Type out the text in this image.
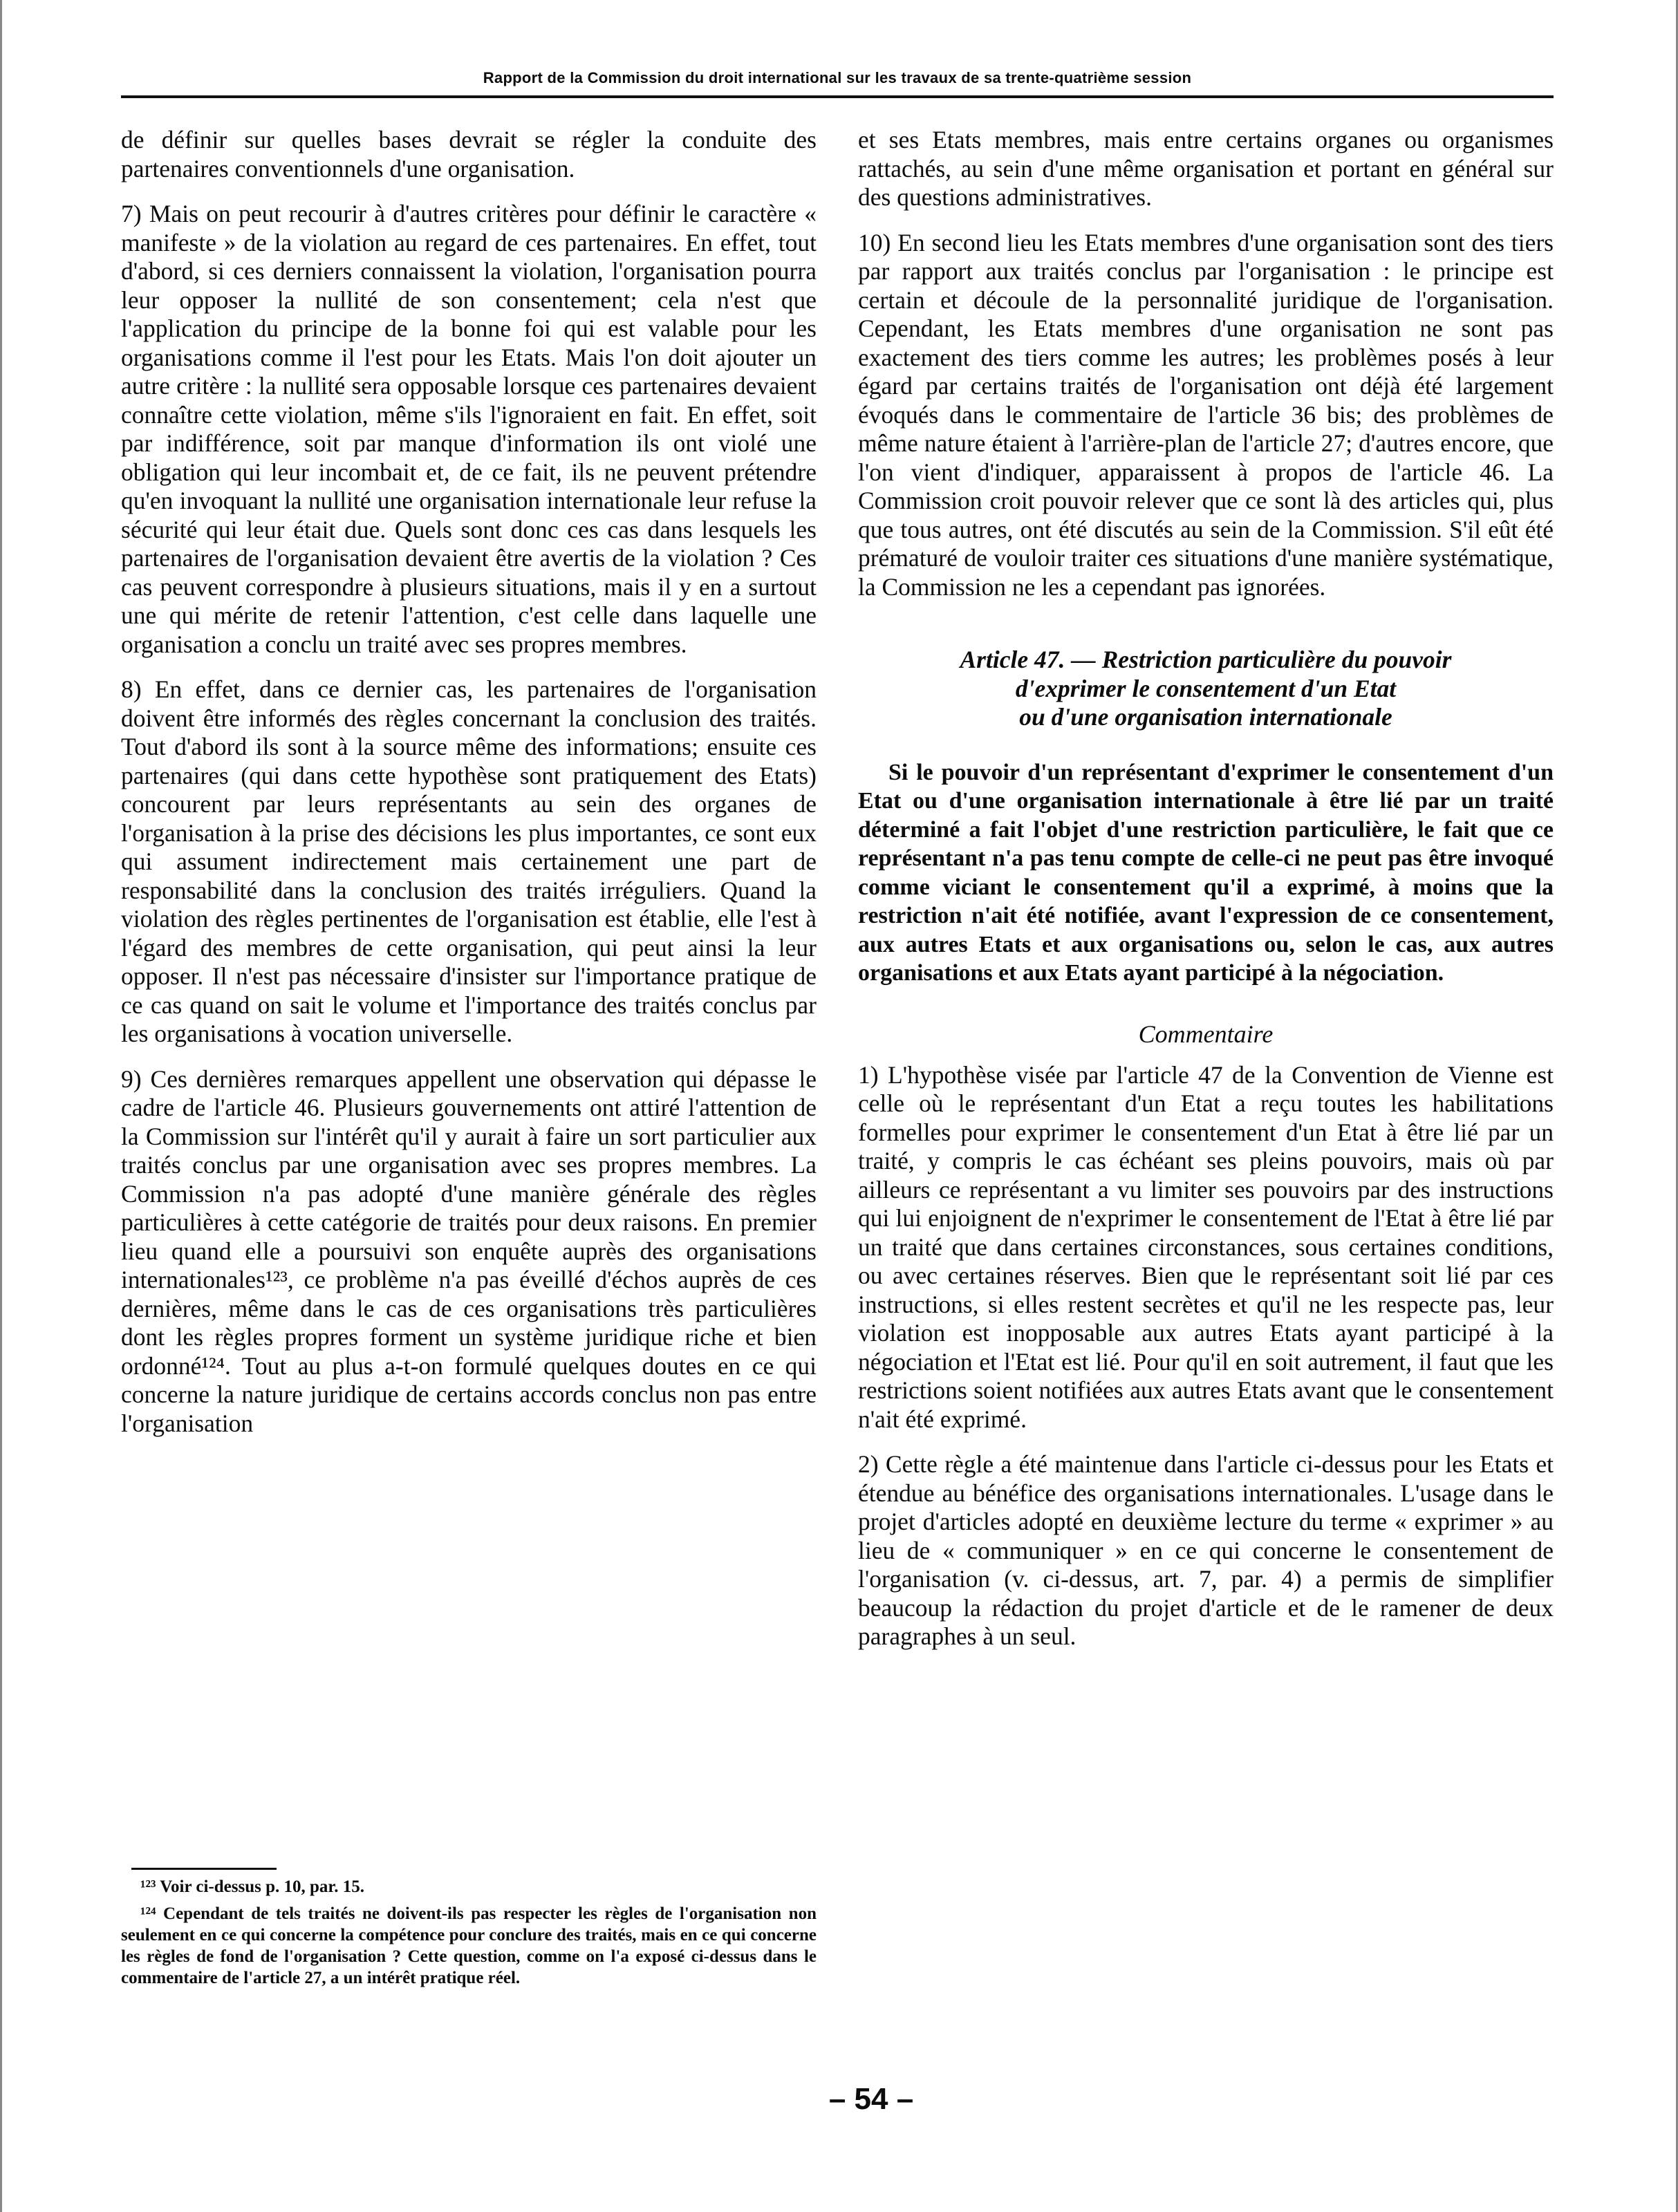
Rapport de la Commission du droit international sur les travaux de sa trente-quatrième session

de définir sur quelles bases devrait se régler la conduite des partenaires conventionnels d'une organisation.

7) Mais on peut recourir à d'autres critères pour définir le caractère « manifeste » de la violation au regard de ces partenaires. En effet, tout d'abord, si ces derniers connaissent la violation, l'organisation pourra leur opposer la nullité de son consentement; cela n'est que l'application du principe de la bonne foi qui est valable pour les organisations comme il l'est pour les Etats. Mais l'on doit ajouter un autre critère : la nullité sera opposable lorsque ces partenaires devaient connaître cette violation, même s'ils l'ignoraient en fait. En effet, soit par indifférence, soit par manque d'information ils ont violé une obligation qui leur incombait et, de ce fait, ils ne peuvent prétendre qu'en invoquant la nullité une organisation internationale leur refuse la sécurité qui leur était due. Quels sont donc ces cas dans lesquels les partenaires de l'organisation devaient être avertis de la violation ? Ces cas peuvent correspondre à plusieurs situations, mais il y en a surtout une qui mérite de retenir l'attention, c'est celle dans laquelle une organisation a conclu un traité avec ses propres membres.

8) En effet, dans ce dernier cas, les partenaires de l'organisation doivent être informés des règles concernant la conclusion des traités. Tout d'abord ils sont à la source même des informations; ensuite ces partenaires (qui dans cette hypothèse sont pratiquement des Etats) concourent par leurs représentants au sein des organes de l'organisation à la prise des décisions les plus importantes, ce sont eux qui assument indirectement mais certainement une part de responsabilité dans la conclusion des traités irréguliers. Quand la violation des règles pertinentes de l'organisation est établie, elle l'est à l'égard des membres de cette organisation, qui peut ainsi la leur opposer. Il n'est pas nécessaire d'insister sur l'importance pratique de ce cas quand on sait le volume et l'importance des traités conclus par les organisations à vocation universelle.

9) Ces dernières remarques appellent une observation qui dépasse le cadre de l'article 46. Plusieurs gouvernements ont attiré l'attention de la Commission sur l'intérêt qu'il y aurait à faire un sort particulier aux traités conclus par une organisation avec ses propres membres. La Commission n'a pas adopté d'une manière générale des règles particulières à cette catégorie de traités pour deux raisons. En premier lieu quand elle a poursuivi son enquête auprès des organisations internationales¹²³, ce problème n'a pas éveillé d'échos auprès de ces dernières, même dans le cas de ces organisations très particulières dont les règles propres forment un système juridique riche et bien ordonné¹²⁴. Tout au plus a-t-on formulé quelques doutes en ce qui concerne la nature juridique de certains accords conclus non pas entre l'organisation

et ses Etats membres, mais entre certains organes ou organismes rattachés, au sein d'une même organisation et portant en général sur des questions administratives.

10) En second lieu les Etats membres d'une organisation sont des tiers par rapport aux traités conclus par l'organisation : le principe est certain et découle de la personnalité juridique de l'organisation. Cependant, les Etats membres d'une organisation ne sont pas exactement des tiers comme les autres; les problèmes posés à leur égard par certains traités de l'organisation ont déjà été largement évoqués dans le commentaire de l'article 36 bis; des problèmes de même nature étaient à l'arrière-plan de l'article 27; d'autres encore, que l'on vient d'indiquer, apparaissent à propos de l'article 46. La Commission croit pouvoir relever que ce sont là des articles qui, plus que tous autres, ont été discutés au sein de la Commission. S'il eût été prématuré de vouloir traiter ces situations d'une manière systématique, la Commission ne les a cependant pas ignorées.

Article 47. — Restriction particulière du pouvoir
d'exprimer le consentement d'un Etat
ou d'une organisation internationale

Si le pouvoir d'un représentant d'exprimer le consentement d'un Etat ou d'une organisation internationale à être lié par un traité déterminé a fait l'objet d'une restriction particulière, le fait que ce représentant n'a pas tenu compte de celle-ci ne peut pas être invoqué comme viciant le consentement qu'il a exprimé, à moins que la restriction n'ait été notifiée, avant l'expression de ce consentement, aux autres Etats et aux organisations ou, selon le cas, aux autres organisations et aux Etats ayant participé à la négociation.

Commentaire

1) L'hypothèse visée par l'article 47 de la Convention de Vienne est celle où le représentant d'un Etat a reçu toutes les habilitations formelles pour exprimer le consentement d'un Etat à être lié par un traité, y compris le cas échéant ses pleins pouvoirs, mais où par ailleurs ce représentant a vu limiter ses pouvoirs par des instructions qui lui enjoignent de n'exprimer le consentement de l'Etat à être lié par un traité que dans certaines circonstances, sous certaines conditions, ou avec certaines réserves. Bien que le représentant soit lié par ces instructions, si elles restent secrètes et qu'il ne les respecte pas, leur violation est inopposable aux autres Etats ayant participé à la négociation et l'Etat est lié. Pour qu'il en soit autrement, il faut que les restrictions soient notifiées aux autres Etats avant que le consentement n'ait été exprimé.

2) Cette règle a été maintenue dans l'article ci-dessus pour les Etats et étendue au bénéfice des organisations internationales. L'usage dans le projet d'articles adopté en deuxième lecture du terme « exprimer » au lieu de « communiquer » en ce qui concerne le consentement de l'organisation (v. ci-dessus, art. 7, par. 4) a permis de simplifier beaucoup la rédaction du projet d'article et de le ramener de deux paragraphes à un seul.

¹²³ Voir ci-dessus p. 10, par. 15.

¹²⁴ Cependant de tels traités ne doivent-ils pas respecter les règles de l'organisation non seulement en ce qui concerne la compétence pour conclure des traités, mais en ce qui concerne les règles de fond de l'organisation ? Cette question, comme on l'a exposé ci-dessus dans le commentaire de l'article 27, a un intérêt pratique réel.

– 54 –
